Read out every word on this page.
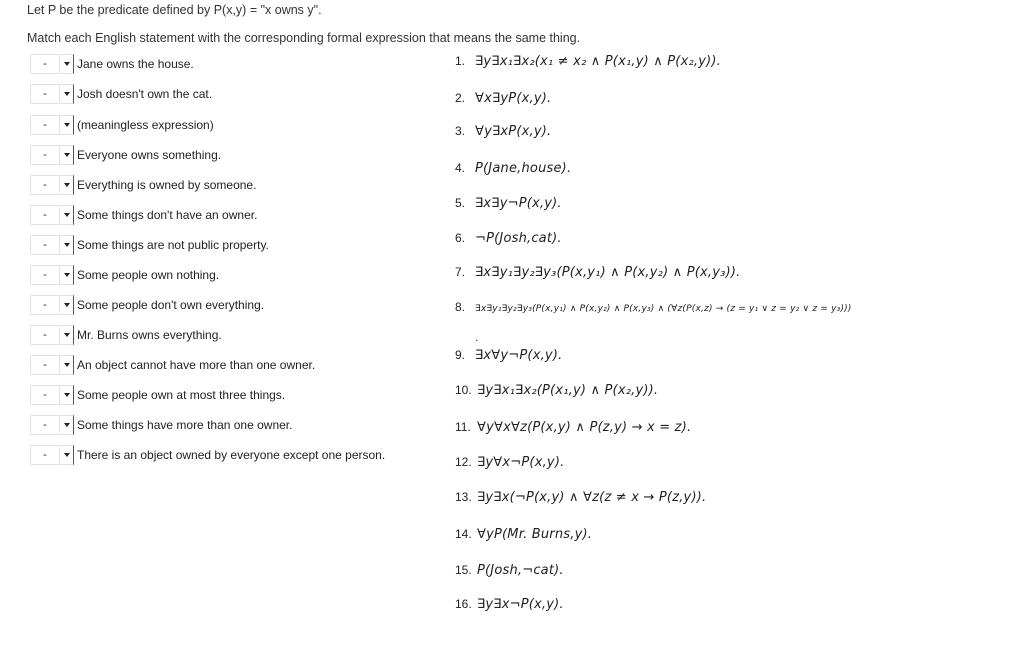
Let P be the predicate defined by P(x,y) = "x owns y".
Match each English statement with the corresponding formal expression that means the same thing.
-	Jane owns the house.
-	Josh doesn't own the cat.
-	(meaningless expression)
-	Everyone owns something.
-	Everything is owned by someone.
-	Some things don't have an owner.
-	Some things are not public property.
-	Some people own nothing.
-	Some people don't own everything.
-	Mr. Burns owns everything.
-	An object cannot have more than one owner.
-	Some people own at most three things.
-	Some things have more than one owner.
-	There is an object owned by everyone except one person.
1. ∃y∃x₁∃x₂(x₁ ≠ x₂ ∧ P(x₁,y) ∧ P(x₂,y)).
2. ∀x∃yP(x,y).
3. ∀y∃xP(x,y).
4. P(Jane,house).
5. ∃x∃y¬P(x,y).
6. ¬P(Josh,cat).
7. ∃x∃y₁∃y₂∃y₃(P(x,y₁) ∧ P(x,y₂) ∧ P(x,y₃)).
8.	∃x∃y₁∃y₂∃y₃(P(x,y₁) ∧ P(x,y₂) ∧ P(x,y₃) ∧ (∀z(P(x,z) → (z = y₁ ∨ z = y₂ ∨ z = y₃)))
.
9. ∃x∀y¬P(x,y).
10. ∃y∃x₁∃x₂(P(x₁,y) ∧ P(x₂,y)).
11. ∀y∀x∀z(P(x,y) ∧ P(z,y) → x = z).
12. ∃y∀x¬P(x,y).
13. ∃y∃x(¬P(x,y) ∧ ∀z(z ≠ x → P(z,y)).
14. ∀yP(Mr. Burns,y).
15. P(Josh,¬cat).
16. ∃y∃x¬P(x,y).
